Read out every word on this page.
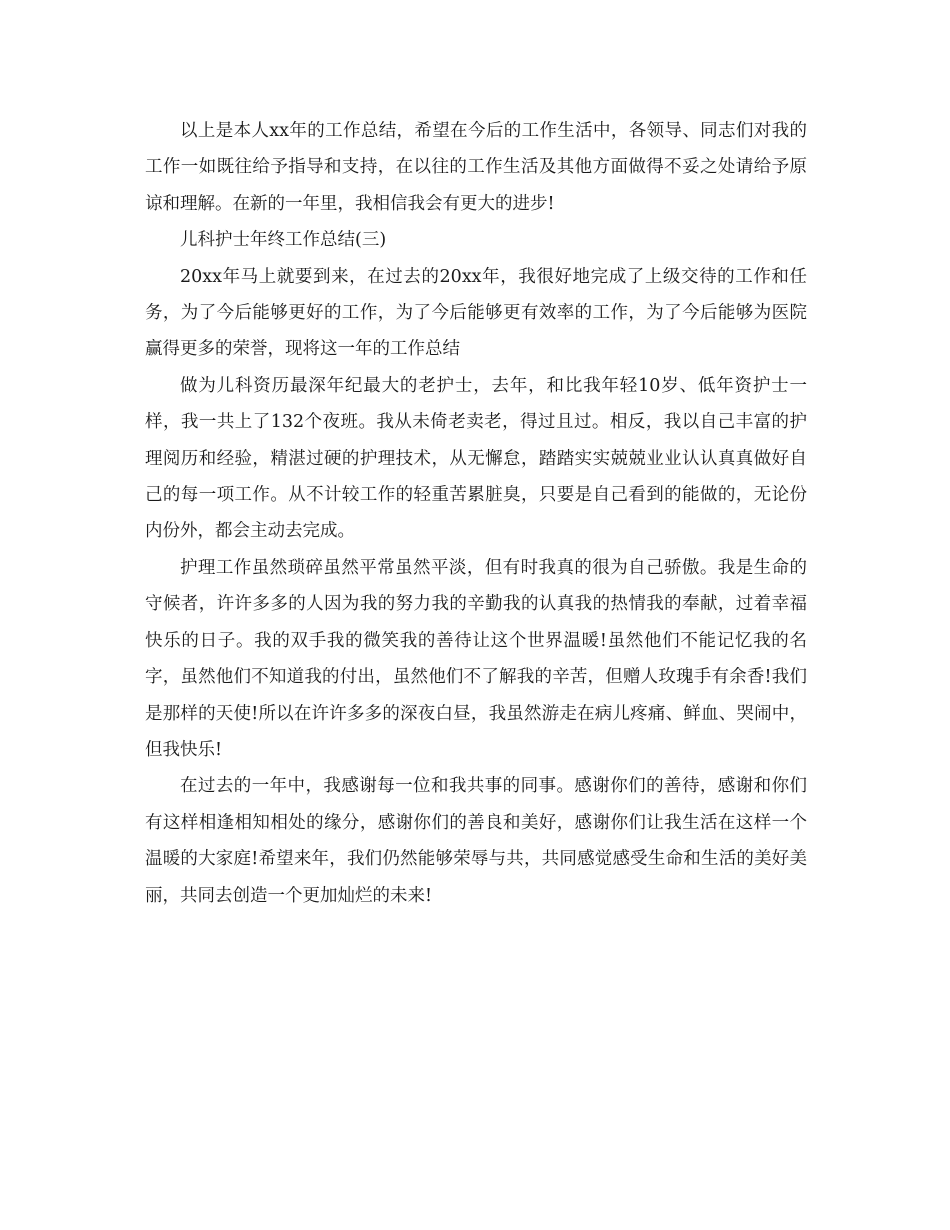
以上是本人xx年的工作总结，希望在今后的工作生活中，各领导、同志们对我的工作一如既往给予指导和支持，在以往的工作生活及其他方面做得不妥之处请给予原谅和理解。在新的一年里，我相信我会有更大的进步!

儿科护士年终工作总结(三)

20xx年马上就要到来，在过去的20xx年，我很好地完成了上级交待的工作和任务，为了今后能够更好的工作，为了今后能够更有效率的工作，为了今后能够为医院赢得更多的荣誉，现将这一年的工作总结

做为儿科资历最深年纪最大的老护士，去年，和比我年轻10岁、低年资护士一样，我一共上了132个夜班。我从未倚老卖老，得过且过。相反，我以自己丰富的护理阅历和经验，精湛过硬的护理技术，从无懈怠，踏踏实实兢兢业业认认真真做好自己的每一项工作。从不计较工作的轻重苦累脏臭，只要是自己看到的能做的，无论份内份外，都会主动去完成。

护理工作虽然琐碎虽然平常虽然平淡，但有时我真的很为自己骄傲。我是生命的守候者，许许多多的人因为我的努力我的辛勤我的认真我的热情我的奉献，过着幸福快乐的日子。我的双手我的微笑我的善待让这个世界温暖!虽然他们不能记忆我的名字，虽然他们不知道我的付出，虽然他们不了解我的辛苦，但赠人玫瑰手有余香!我们是那样的天使!所以在许许多多的深夜白昼，我虽然游走在病儿疼痛、鲜血、哭闹中，但我快乐!

在过去的一年中，我感谢每一位和我共事的同事。感谢你们的善待，感谢和你们有这样相逢相知相处的缘分，感谢你们的善良和美好，感谢你们让我生活在这样一个温暖的大家庭!希望来年，我们仍然能够荣辱与共，共同感觉感受生命和生活的美好美丽，共同去创造一个更加灿烂的未来!
